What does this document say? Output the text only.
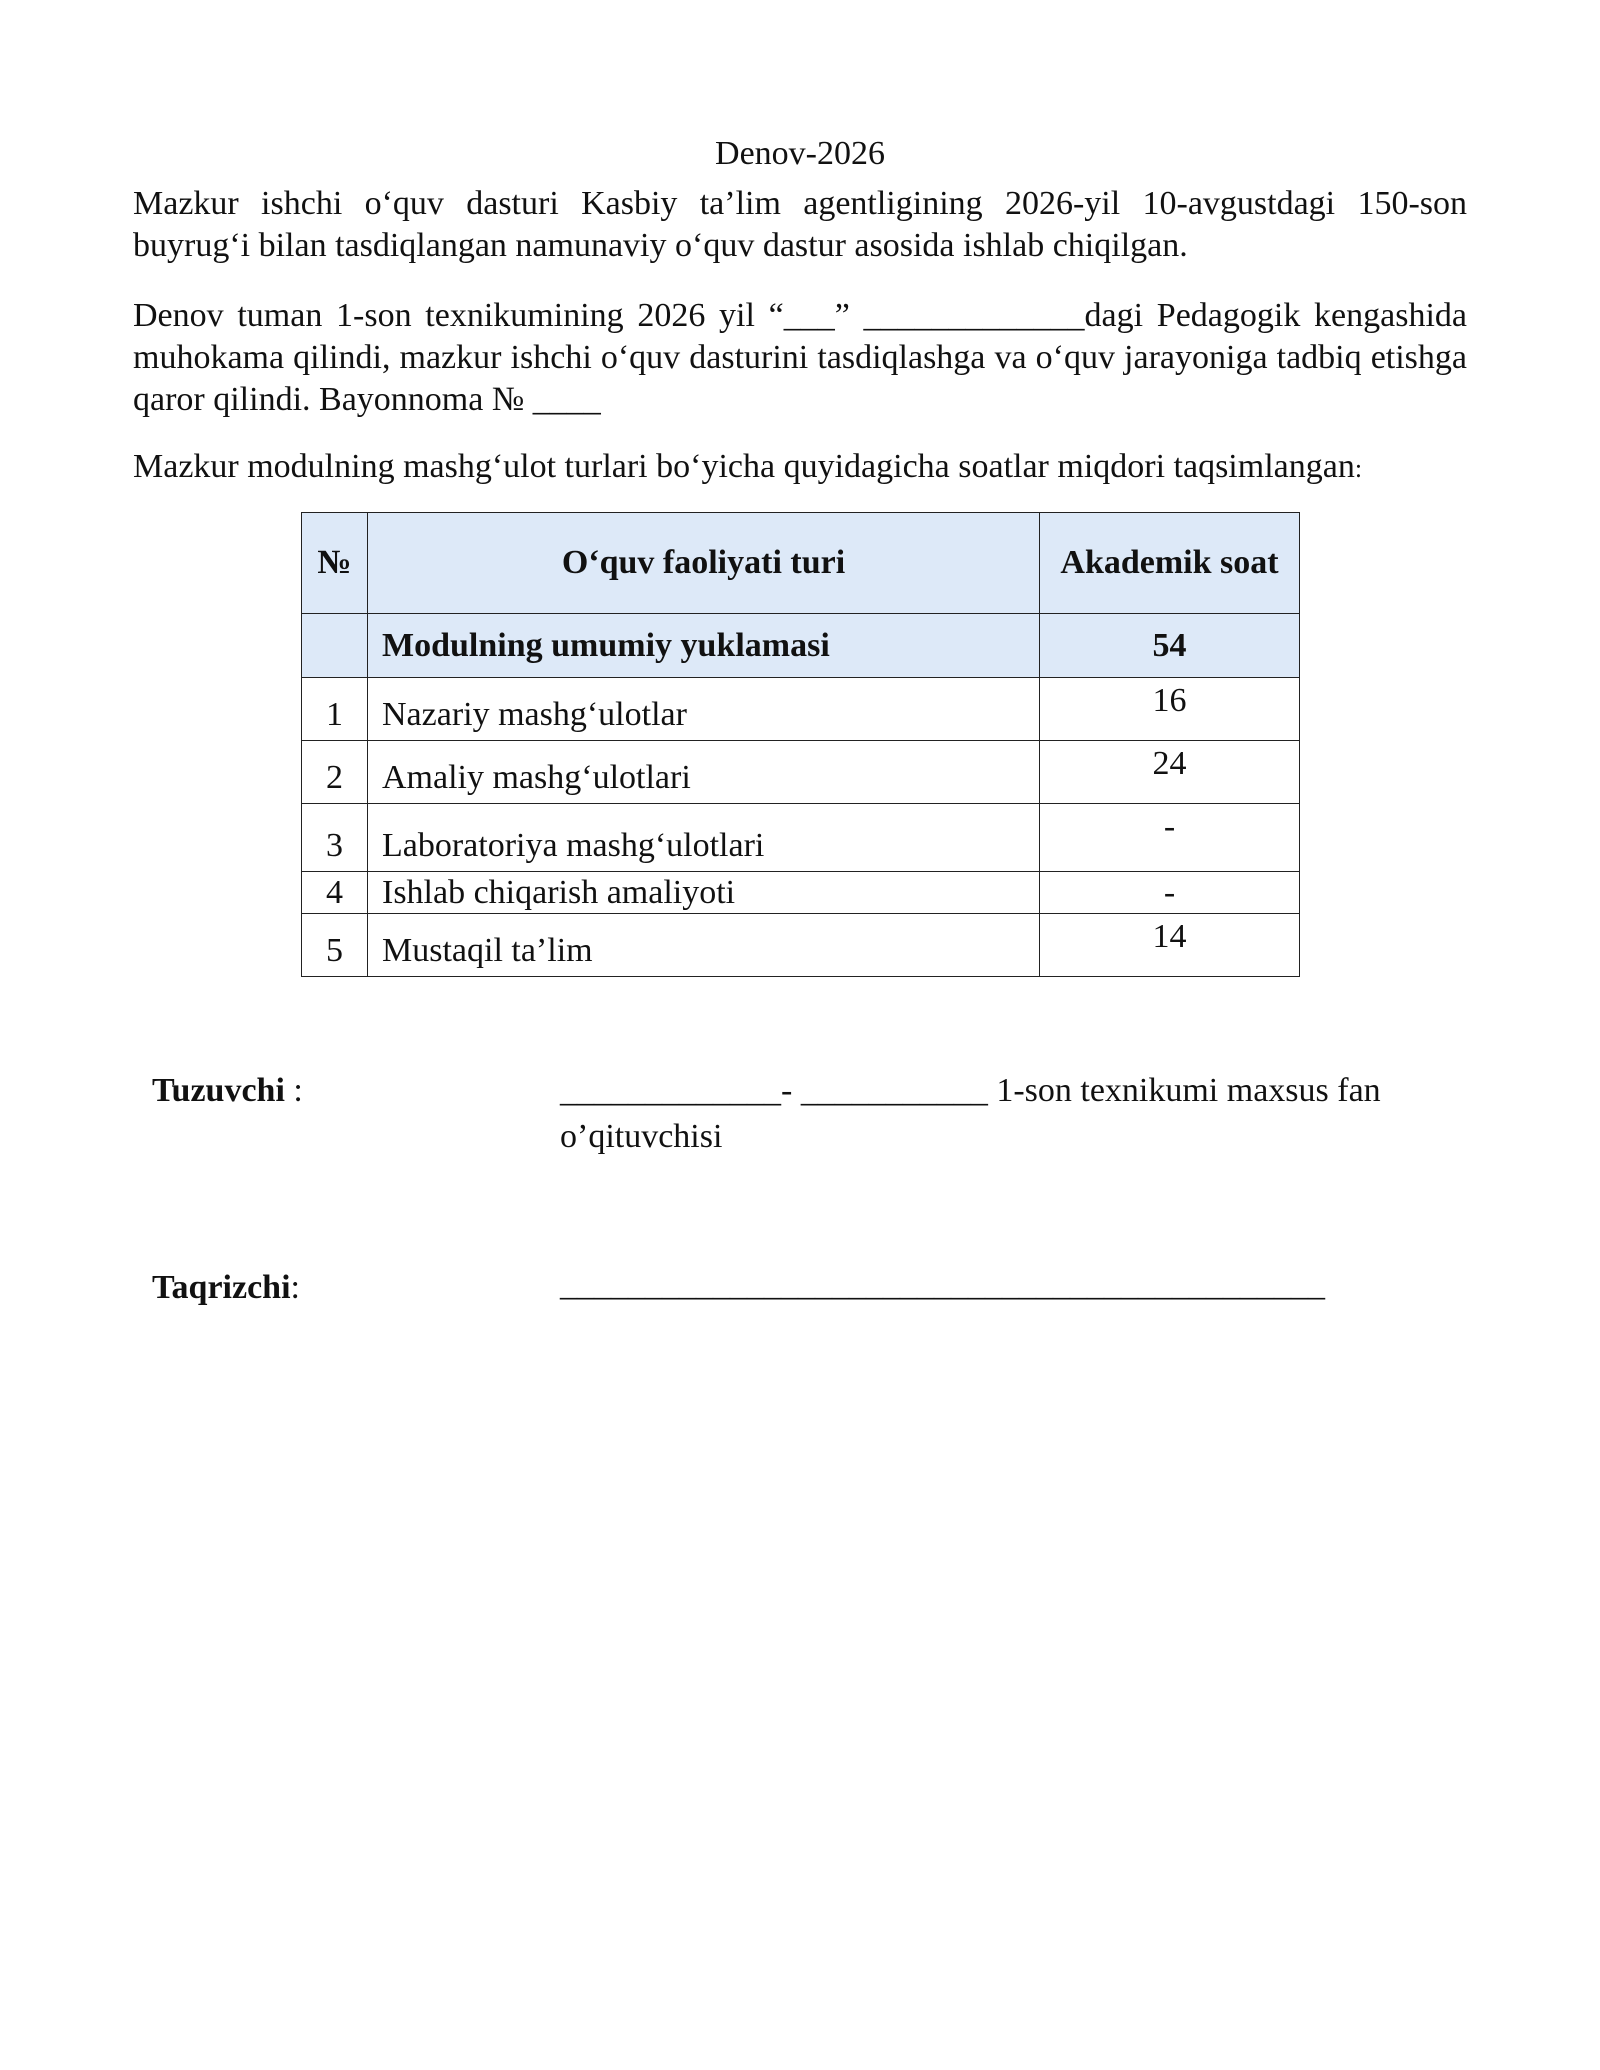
Denov-2026
Mazkur ishchi o‘quv dasturi Kasbiy ta’lim agentligining 2026-yil 10-avgustdagi 150-son buyrug‘i bilan tasdiqlangan namunaviy o‘quv dastur asosida ishlab chiqilgan.
Denov tuman 1-son texnikumining 2026 yil “___” _____________dagi Pedagogik kengashida muhokama qilindi, mazkur ishchi o‘quv dasturini tasdiqlashga va o‘quv jarayoniga tadbiq etishga qaror qilindi. Bayonnoma № ____
Mazkur modulning mashg‘ulot turlari bo‘yicha quyidagicha soatlar miqdori taqsimlangan:
№	O‘quv faoliyati turi	Akademik soat
	Modulning umumiy yuklamasi	54
1	Nazariy mashg‘ulotlar	16
2	Amaliy mashg‘ulotlari	24
3	Laboratoriya mashg‘ulotlari	-
4	Ishlab chiqarish amaliyoti	-
5	Mustaqil ta’lim	14
Tuzuvchi :	_____________- ___________ 1-son texnikumi maxsus fan o’qituvchisi
Taqrizchi:	_____________________________________________
